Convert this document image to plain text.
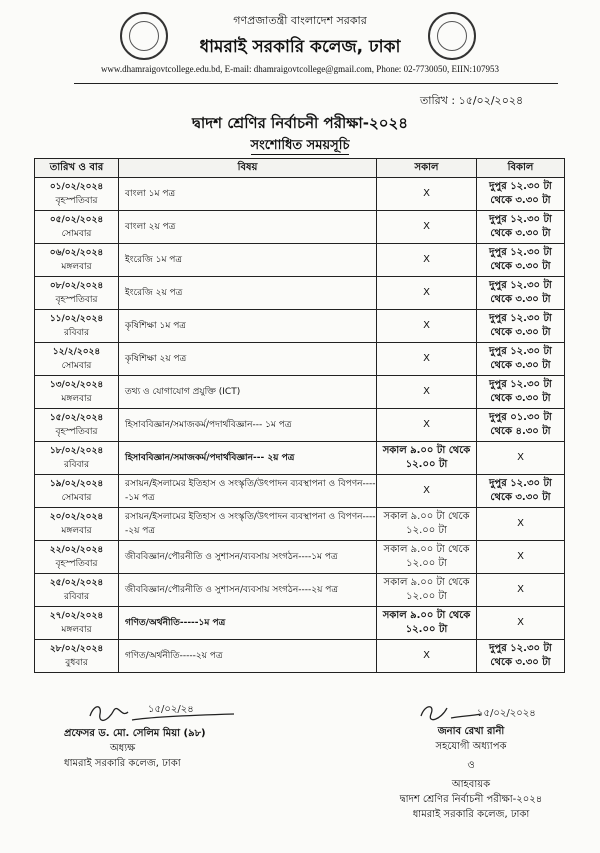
গণপ্রজাতন্ত্রী বাংলাদেশ সরকার
ধামরাই সরকারি কলেজ, ঢাকা
www.dhamraigovtcollege.edu.bd, E-mail: dhamraigovtcollege@gmail.com, Phone: 02-7730050, EIIN:107953
তারিখ : ১৫/০২/২০২৪
দ্বাদশ শ্রেণির নির্বাচনী পরীক্ষা-২০২৪
সংশোধিত সময়সূচি
তারিখ ও বার	বিষয়	সকাল	বিকাল

০১/০২/২০২৪
বৃহস্পতিবার	বাংলা ১ম পত্র	X	দুপুর ১২.৩০ টা থেকে ৩.৩০ টা

০৫/০২/২০২৪
সোমবার	বাংলা ২য় পত্র	X	দুপুর ১২.৩০ টা থেকে ৩.৩০ টা

০৬/০২/২০২৪
মঙ্গলবার	ইংরেজি ১ম পত্র	X	দুপুর ১২.৩০ টা থেকে ৩.৩০ টা

০৮/০২/২০২৪
বৃহস্পতিবার	ইংরেজি ২য় পত্র	X	দুপুর ১২.৩০ টা থেকে ৩.৩০ টা

১১/০২/২০২৪
রবিবার	কৃষিশিক্ষা ১ম পত্র	X	দুপুর ১২.৩০ টা থেকে ৩.৩০ টা

১২/২/২০২৪
সোমবার	কৃষিশিক্ষা ২য় পত্র	X	দুপুর ১২.৩০ টা থেকে ৩.৩০ টা

১৩/০২/২০২৪
মঙ্গলবার	তথ্য ও যোগাযোগ প্রযুক্তি (ICT)	X	দুপুর ১২.৩০ টা থেকে ৩.৩০ টা

১৫/০২/২০২৪
বৃহস্পতিবার	হিসাববিজ্ঞান/সমাজকর্ম/পদার্থবিজ্ঞান--- ১ম পত্র	X	দুপুর ০১.৩০ টা থেকে ৪.৩০ টা

১৮/০২/২০২৪
রবিবার	হিসাববিজ্ঞান/সমাজকর্ম/পদার্থবিজ্ঞান--- ২য় পত্র	সকাল ৯.০০ টা থেকে ১২.০০ টা	X

১৯/০২/২০২৪
সোমবার	রসায়ন/ইসলামের ইতিহাস ও সংস্কৃতি/উৎপাদন ব্যবস্থাপনা ও বিপণন-----১ম পত্র	X	দুপুর ১২.৩০ টা থেকে ৩.৩০ টা

২০/০২/২০২৪
মঙ্গলবার	রসায়ন/ইসলামের ইতিহাস ও সংস্কৃতি/উৎপাদন ব্যবস্থাপনা ও বিপণন-----২য় পত্র	সকাল ৯.০০ টা থেকে ১২.০০ টা	X

২২/০২/২০২৪
বৃহস্পতিবার	জীববিজ্ঞান/পৌরনীতি ও সুশাসন/ব্যবসায় সংগঠন----১ম পত্র	সকাল ৯.০০ টা থেকে ১২.০০ টা	X

২৫/০২/২০২৪
রবিবার	জীববিজ্ঞান/পৌরনীতি ও সুশাসন/ব্যবসায় সংগঠন----২য় পত্র	সকাল ৯.০০ টা থেকে ১২.০০ টা	X

২৭/০২/২০২৪
মঙ্গলবার	গণিত/অর্থনীতি-----১ম পত্র	সকাল ৯.০০ টা থেকে ১২.০০ টা	X

২৮/০২/২০২৪
বুধবার	গণিত/অর্থনীতি-----২য় পত্র	X	দুপুর ১২.৩০ টা থেকে ৩.৩০ টা
১৫/০২/২৪
প্রফেসর ড. মো. সেলিম মিয়া (৯৮)
অধ্যক্ষ
ধামরাই সরকারি কলেজ, ঢাকা
১৫/০২/২০২৪
জনাব রেখা রানী
সহযোগী অধ্যাপক
ও
আহবায়ক
দ্বাদশ শ্রেণির নির্বাচনী পরীক্ষা-২০২৪
ধামরাই সরকারি কলেজ, ঢাকা
